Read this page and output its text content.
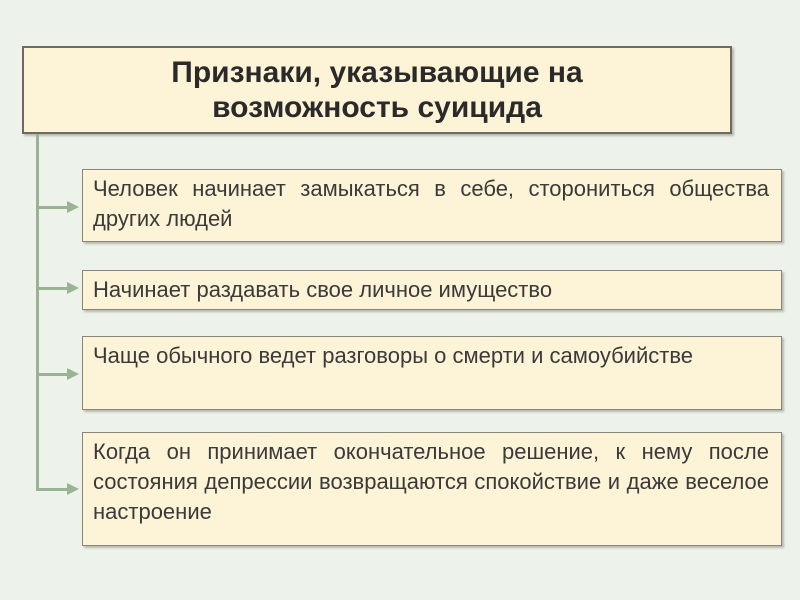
Признаки, указывающие на возможность суицида
Человек начинает замыкаться в себе, сторониться общества других людей
Начинает раздавать свое личное имущество
Чаще обычного ведет разговоры о смерти и самоубийстве
Когда он принимает окончательное решение, к нему после состояния депрессии возвращаются спокойствие и даже веселое настроение
